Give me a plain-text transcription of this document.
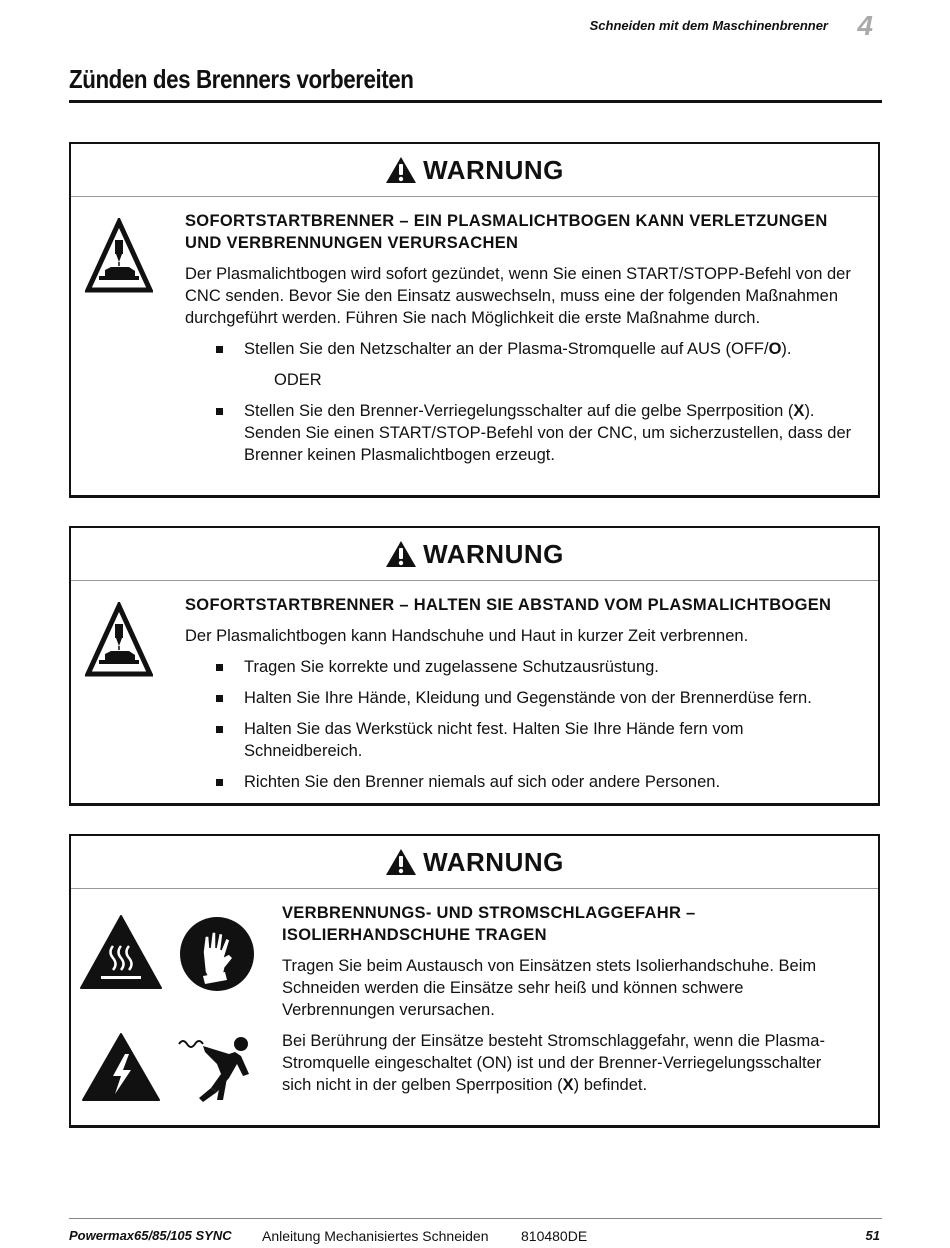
Schneiden mit dem Maschinenbrenner 4
Zünden des Brenners vorbereiten
WARNUNG
SOFORTSTARTBRENNER – EIN PLASMALICHTBOGEN KANN VERLETZUNGEN
UND VERBRENNUNGEN VERURSACHEN

Der Plasmalichtbogen wird sofort gezündet, wenn Sie einen START/STOPP-Befehl von der CNC senden. Bevor Sie den Einsatz auswechseln, muss eine der folgenden Maßnahmen durchgeführt werden. Führen Sie nach Möglichkeit die erste Maßnahme durch.

Stellen Sie den Netzschalter an der Plasma-Stromquelle auf AUS (OFF/O).
ODER
Stellen Sie den Brenner-Verriegelungsschalter auf die gelbe Sperrposition (X). Senden Sie einen START/STOP-Befehl von der CNC, um sicherzustellen, dass der Brenner keinen Plasmalichtbogen erzeugt.
WARNUNG
SOFORTSTARTBRENNER – HALTEN SIE ABSTAND VOM PLASMALICHTBOGEN

Der Plasmalichtbogen kann Handschuhe und Haut in kurzer Zeit verbrennen.

Tragen Sie korrekte und zugelassene Schutzausrüstung.
Halten Sie Ihre Hände, Kleidung und Gegenstände von der Brennerdüse fern.
Halten Sie das Werkstück nicht fest. Halten Sie Ihre Hände fern vom Schneidbereich.
Richten Sie den Brenner niemals auf sich oder andere Personen.
WARNUNG
VERBRENNUNGS- UND STROMSCHLAGGEFAHR –
ISOLIERHANDSCHUHE TRAGEN

Tragen Sie beim Austausch von Einsätzen stets Isolierhandschuhe. Beim Schneiden werden die Einsätze sehr heiß und können schwere Verbrennungen verursachen.

Bei Berührung der Einsätze besteht Stromschlaggefahr, wenn die Plasma-Stromquelle eingeschaltet (ON) ist und der Brenner-Verriegelungsschalter sich nicht in der gelben Sperrposition (X) befindet.

Powermax65/85/105 SYNC Anleitung Mechanisiertes Schneiden 810480DE	51
